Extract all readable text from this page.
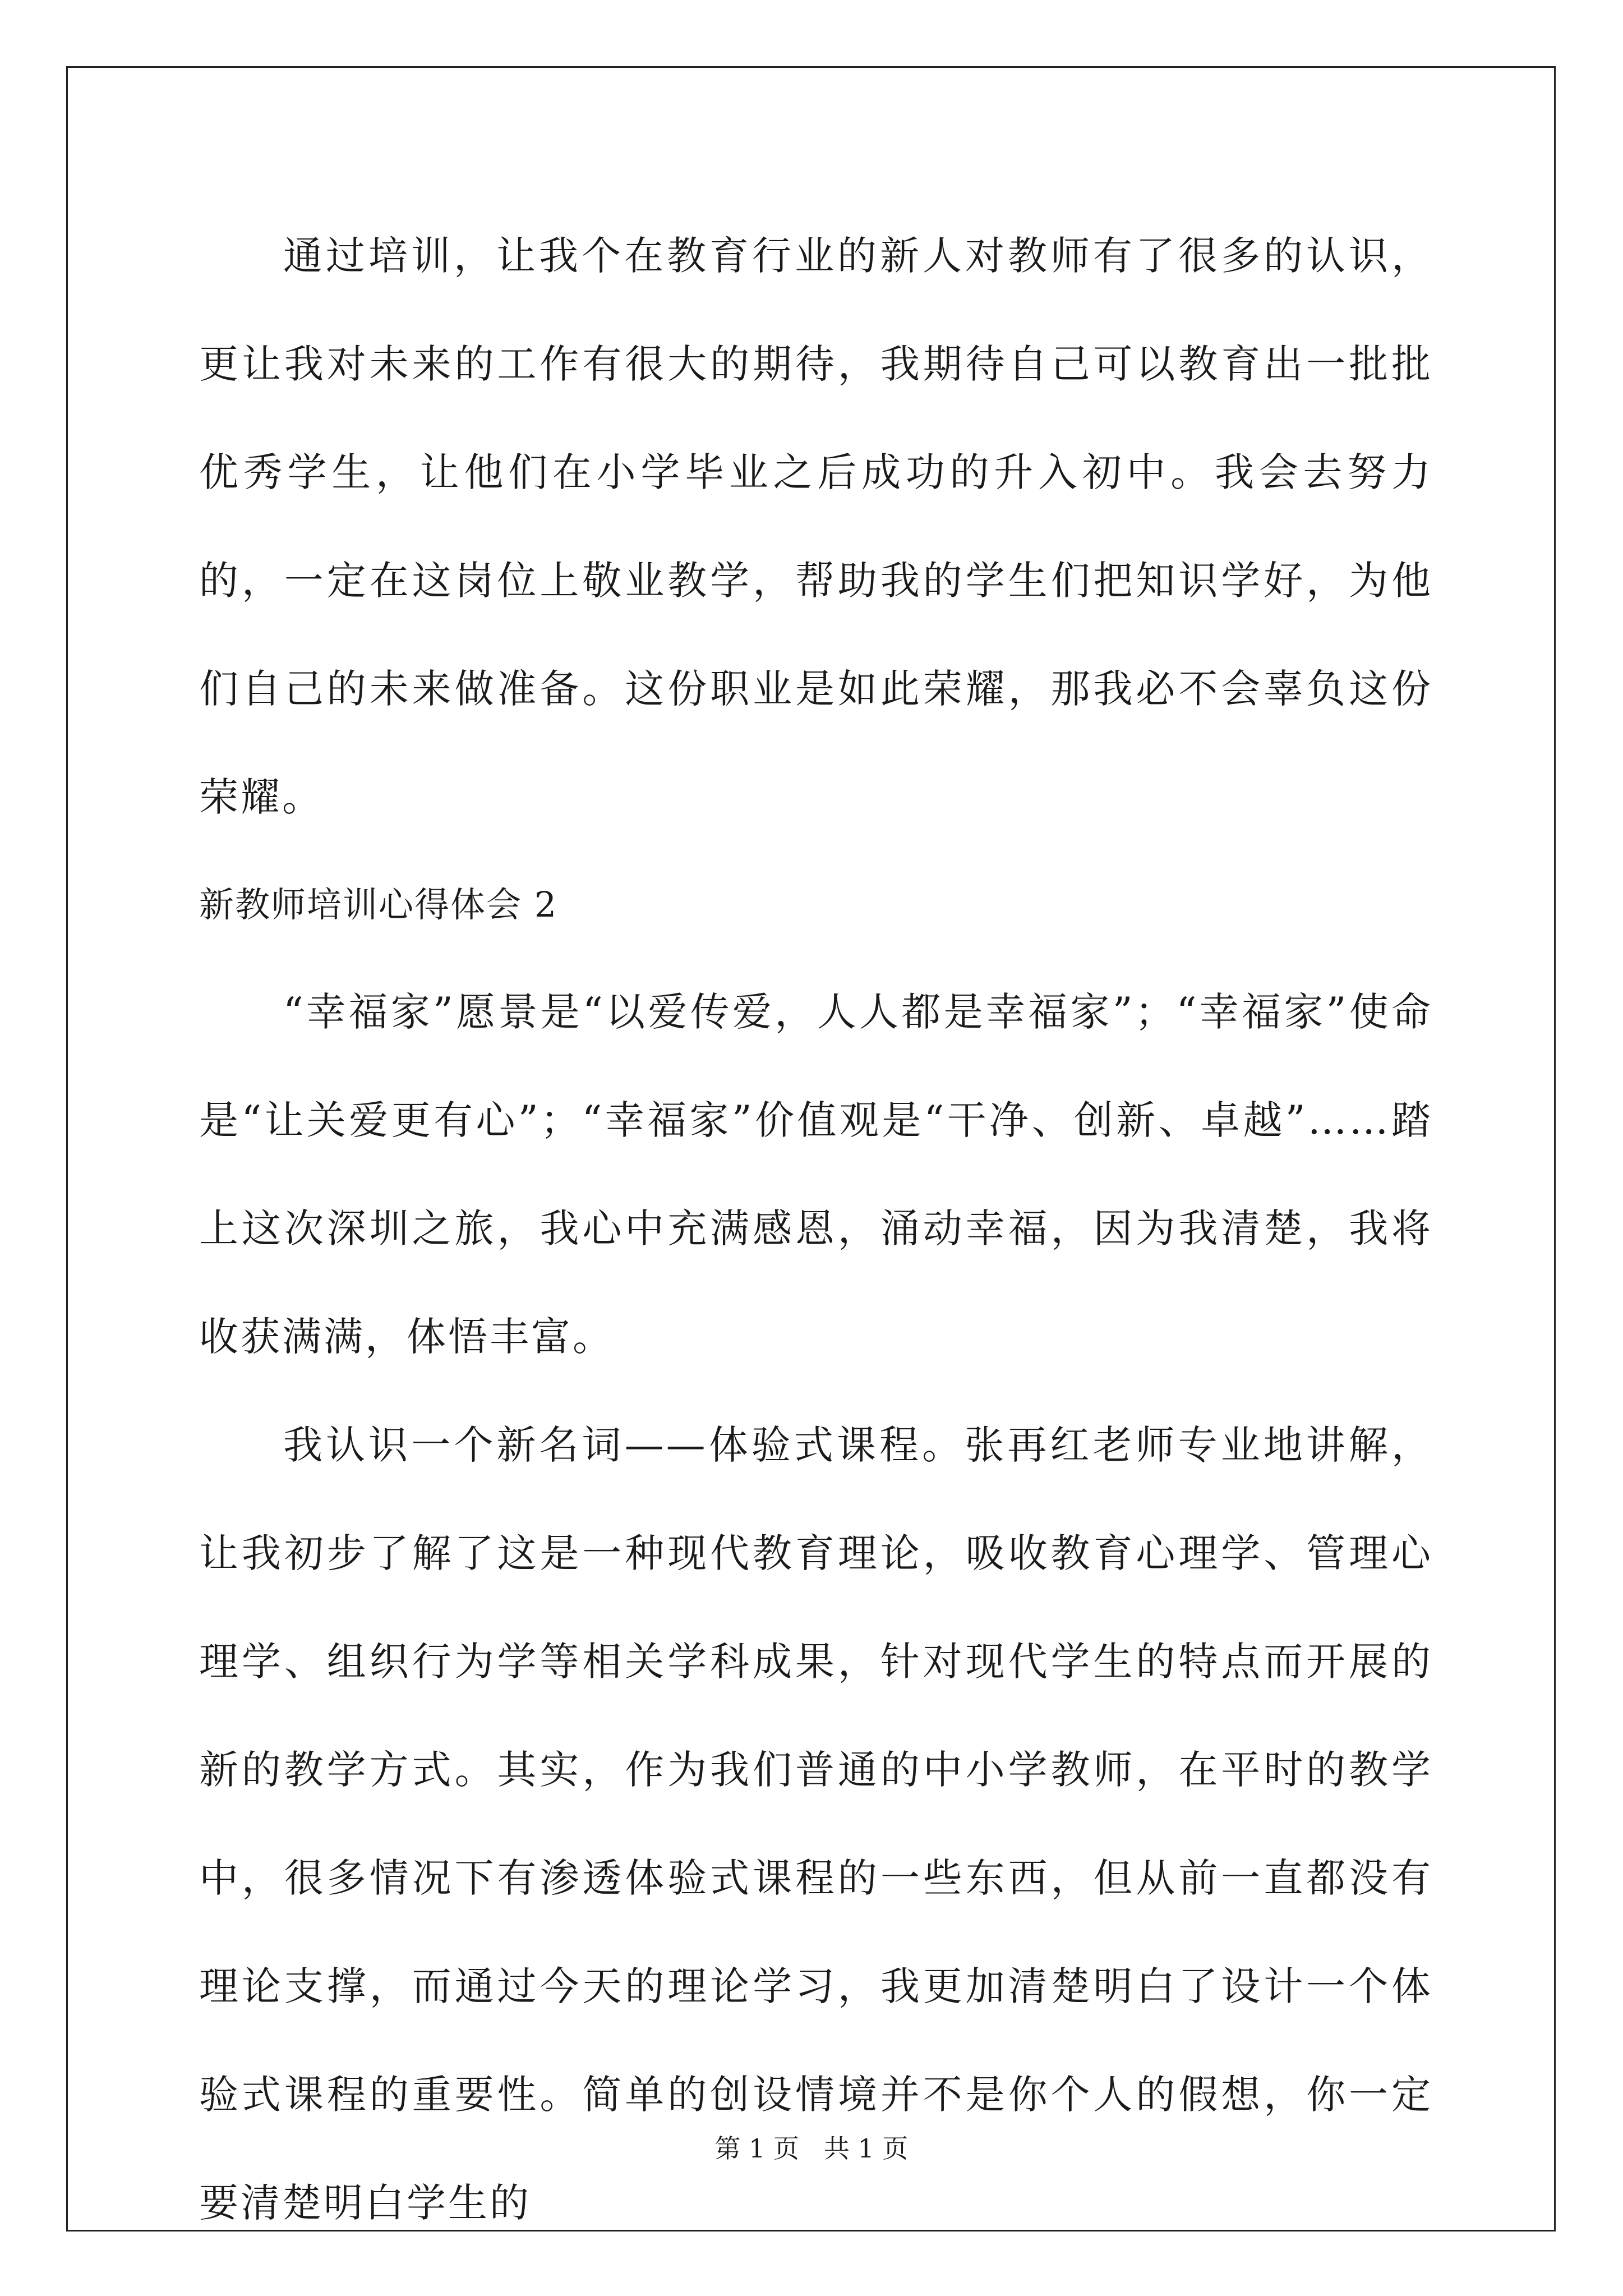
通过培训，让我个在教育行业的新人对教师有了很多的认识，更让我对未来的工作有很大的期待，我期待自己可以教育出一批批优秀学生，让他们在小学毕业之后成功的升入初中。我会去努力的，一定在这岗位上敬业教学，帮助我的学生们把知识学好，为他们自己的未来做准备。这份职业是如此荣耀，那我必不会辜负这份荣耀。

新教师培训心得体会 2

“幸福家”愿景是“以爱传爱，人人都是幸福家”；“幸福家”使命是“让关爱更有心”；“幸福家”价值观是“干净、创新、卓越”……踏上这次深圳之旅，我心中充满感恩，涌动幸福，因为我清楚，我将收获满满，体悟丰富。

我认识一个新名词——体验式课程。张再红老师专业地讲解，让我初步了解了这是一种现代教育理论，吸收教育心理学、管理心理学、组织行为学等相关学科成果，针对现代学生的特点而开展的新的教学方式。其实，作为我们普通的中小学教师，在平时的教学中，很多情况下有渗透体验式课程的一些东西，但从前一直都没有理论支撑，而通过今天的理论学习，我更加清楚明白了设计一个体验式课程的重要性。简单的创设情境并不是你个人的假想，你一定要清楚明白学生的

第 1 页   共 1 页
